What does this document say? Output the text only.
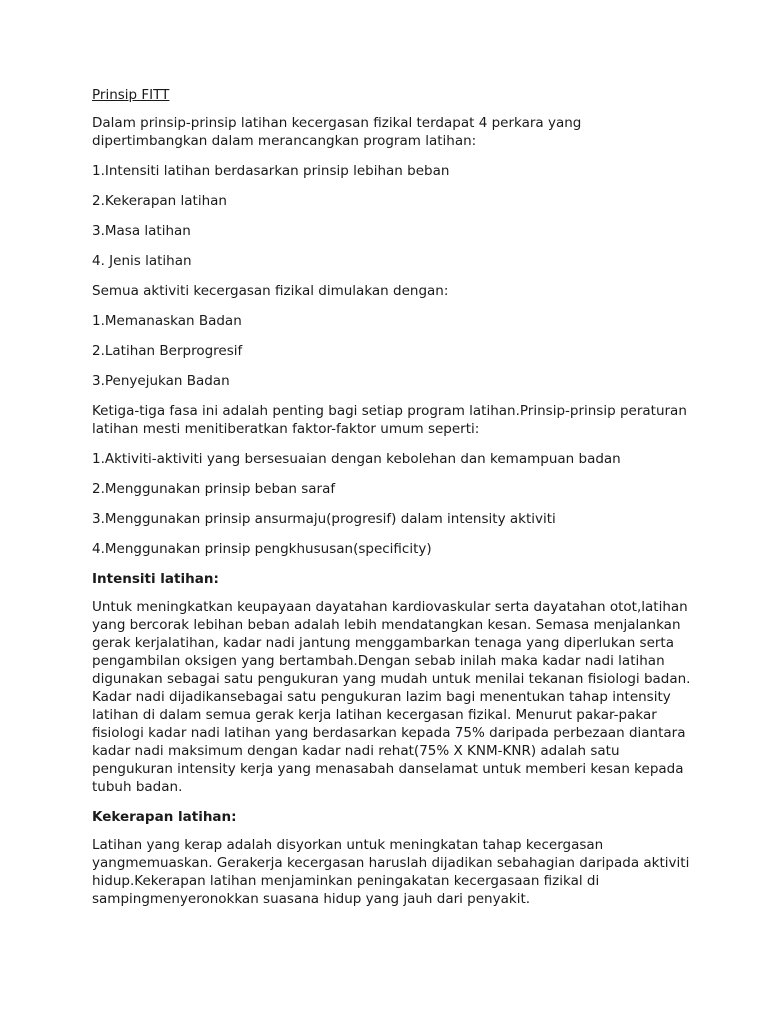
Prinsip FITT

Dalam prinsip-prinsip latihan kecergasan fizikal terdapat 4 perkara yang dipertimbangkan dalam merancangkan program latihan:

1.Intensiti latihan berdasarkan prinsip lebihan beban
2.Kekerapan latihan
3.Masa latihan
4. Jenis latihan

Semua aktiviti kecergasan fizikal dimulakan dengan:

1.Memanaskan Badan
2.Latihan Berprogresif
3.Penyejukan Badan

Ketiga-tiga fasa ini adalah penting bagi setiap program latihan.Prinsip-prinsip peraturan latihan mesti menitiberatkan faktor-faktor umum seperti:

1.Aktiviti-aktiviti yang bersesuaian dengan kebolehan dan kemampuan badan
2.Menggunakan prinsip beban saraf
3.Menggunakan prinsip ansurmaju(progresif) dalam intensity aktiviti
4.Menggunakan prinsip pengkhususan(specificity)
Intensiti latihan:

Untuk meningkatkan keupayaan dayatahan kardiovaskular serta dayatahan otot,latihan yang bercorak lebihan beban adalah lebih mendatangkan kesan. Semasa menjalankan gerak kerjalatihan, kadar nadi jantung menggambarkan tenaga yang diperlukan serta pengambilan oksigen yang bertambah.Dengan sebab inilah maka kadar nadi latihan digunakan sebagai satu pengukuran yang mudah untuk menilai tekanan fisiologi badan. Kadar nadi dijadikansebagai satu pengukuran lazim bagi menentukan tahap intensity latihan di dalam semua gerak kerja latihan kecergasan fizikal. Menurut pakar-pakar fisiologi kadar nadi latihan yang berdasarkan kepada 75% daripada perbezaan diantara kadar nadi maksimum dengan kadar nadi rehat(75% X KNM-KNR) adalah satu pengukuran intensity kerja yang menasabah danselamat untuk memberi kesan kepada tubuh badan.

Kekerapan latihan:

Latihan yang kerap adalah disyorkan untuk meningkatan tahap kecergasan yangmemuaskan. Gerakerja kecergasan haruslah dijadikan sebahagian daripada aktiviti hidup.Kekerapan latihan menjaminkan peningakatan kecergasaan fizikal di sampingmenyeronokkan suasana hidup yang jauh dari penyakit.
